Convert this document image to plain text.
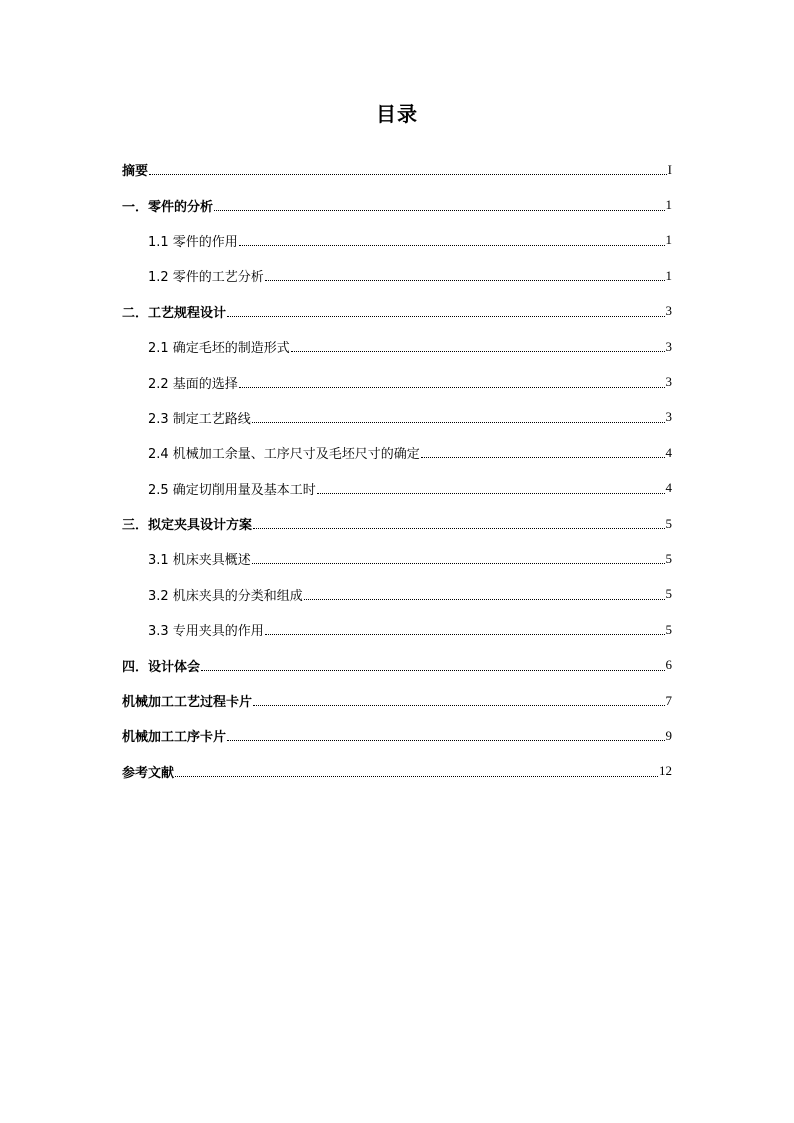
目录
摘要	I
一．零件的分析	1
1.1 零件的作用	1
1.2 零件的工艺分析	1
二．工艺规程设计	3
2.1 确定毛坯的制造形式	3
2.2 基面的选择	3
2.3 制定工艺路线	3
2.4 机械加工余量、工序尺寸及毛坯尺寸的确定	4
2.5 确定切削用量及基本工时	4
三．拟定夹具设计方案	5
3.1 机床夹具概述	5
3.2 机床夹具的分类和组成	5
3.3 专用夹具的作用	5
四．设计体会	6
机械加工工艺过程卡片	7
机械加工工序卡片	9
参考文献	12
